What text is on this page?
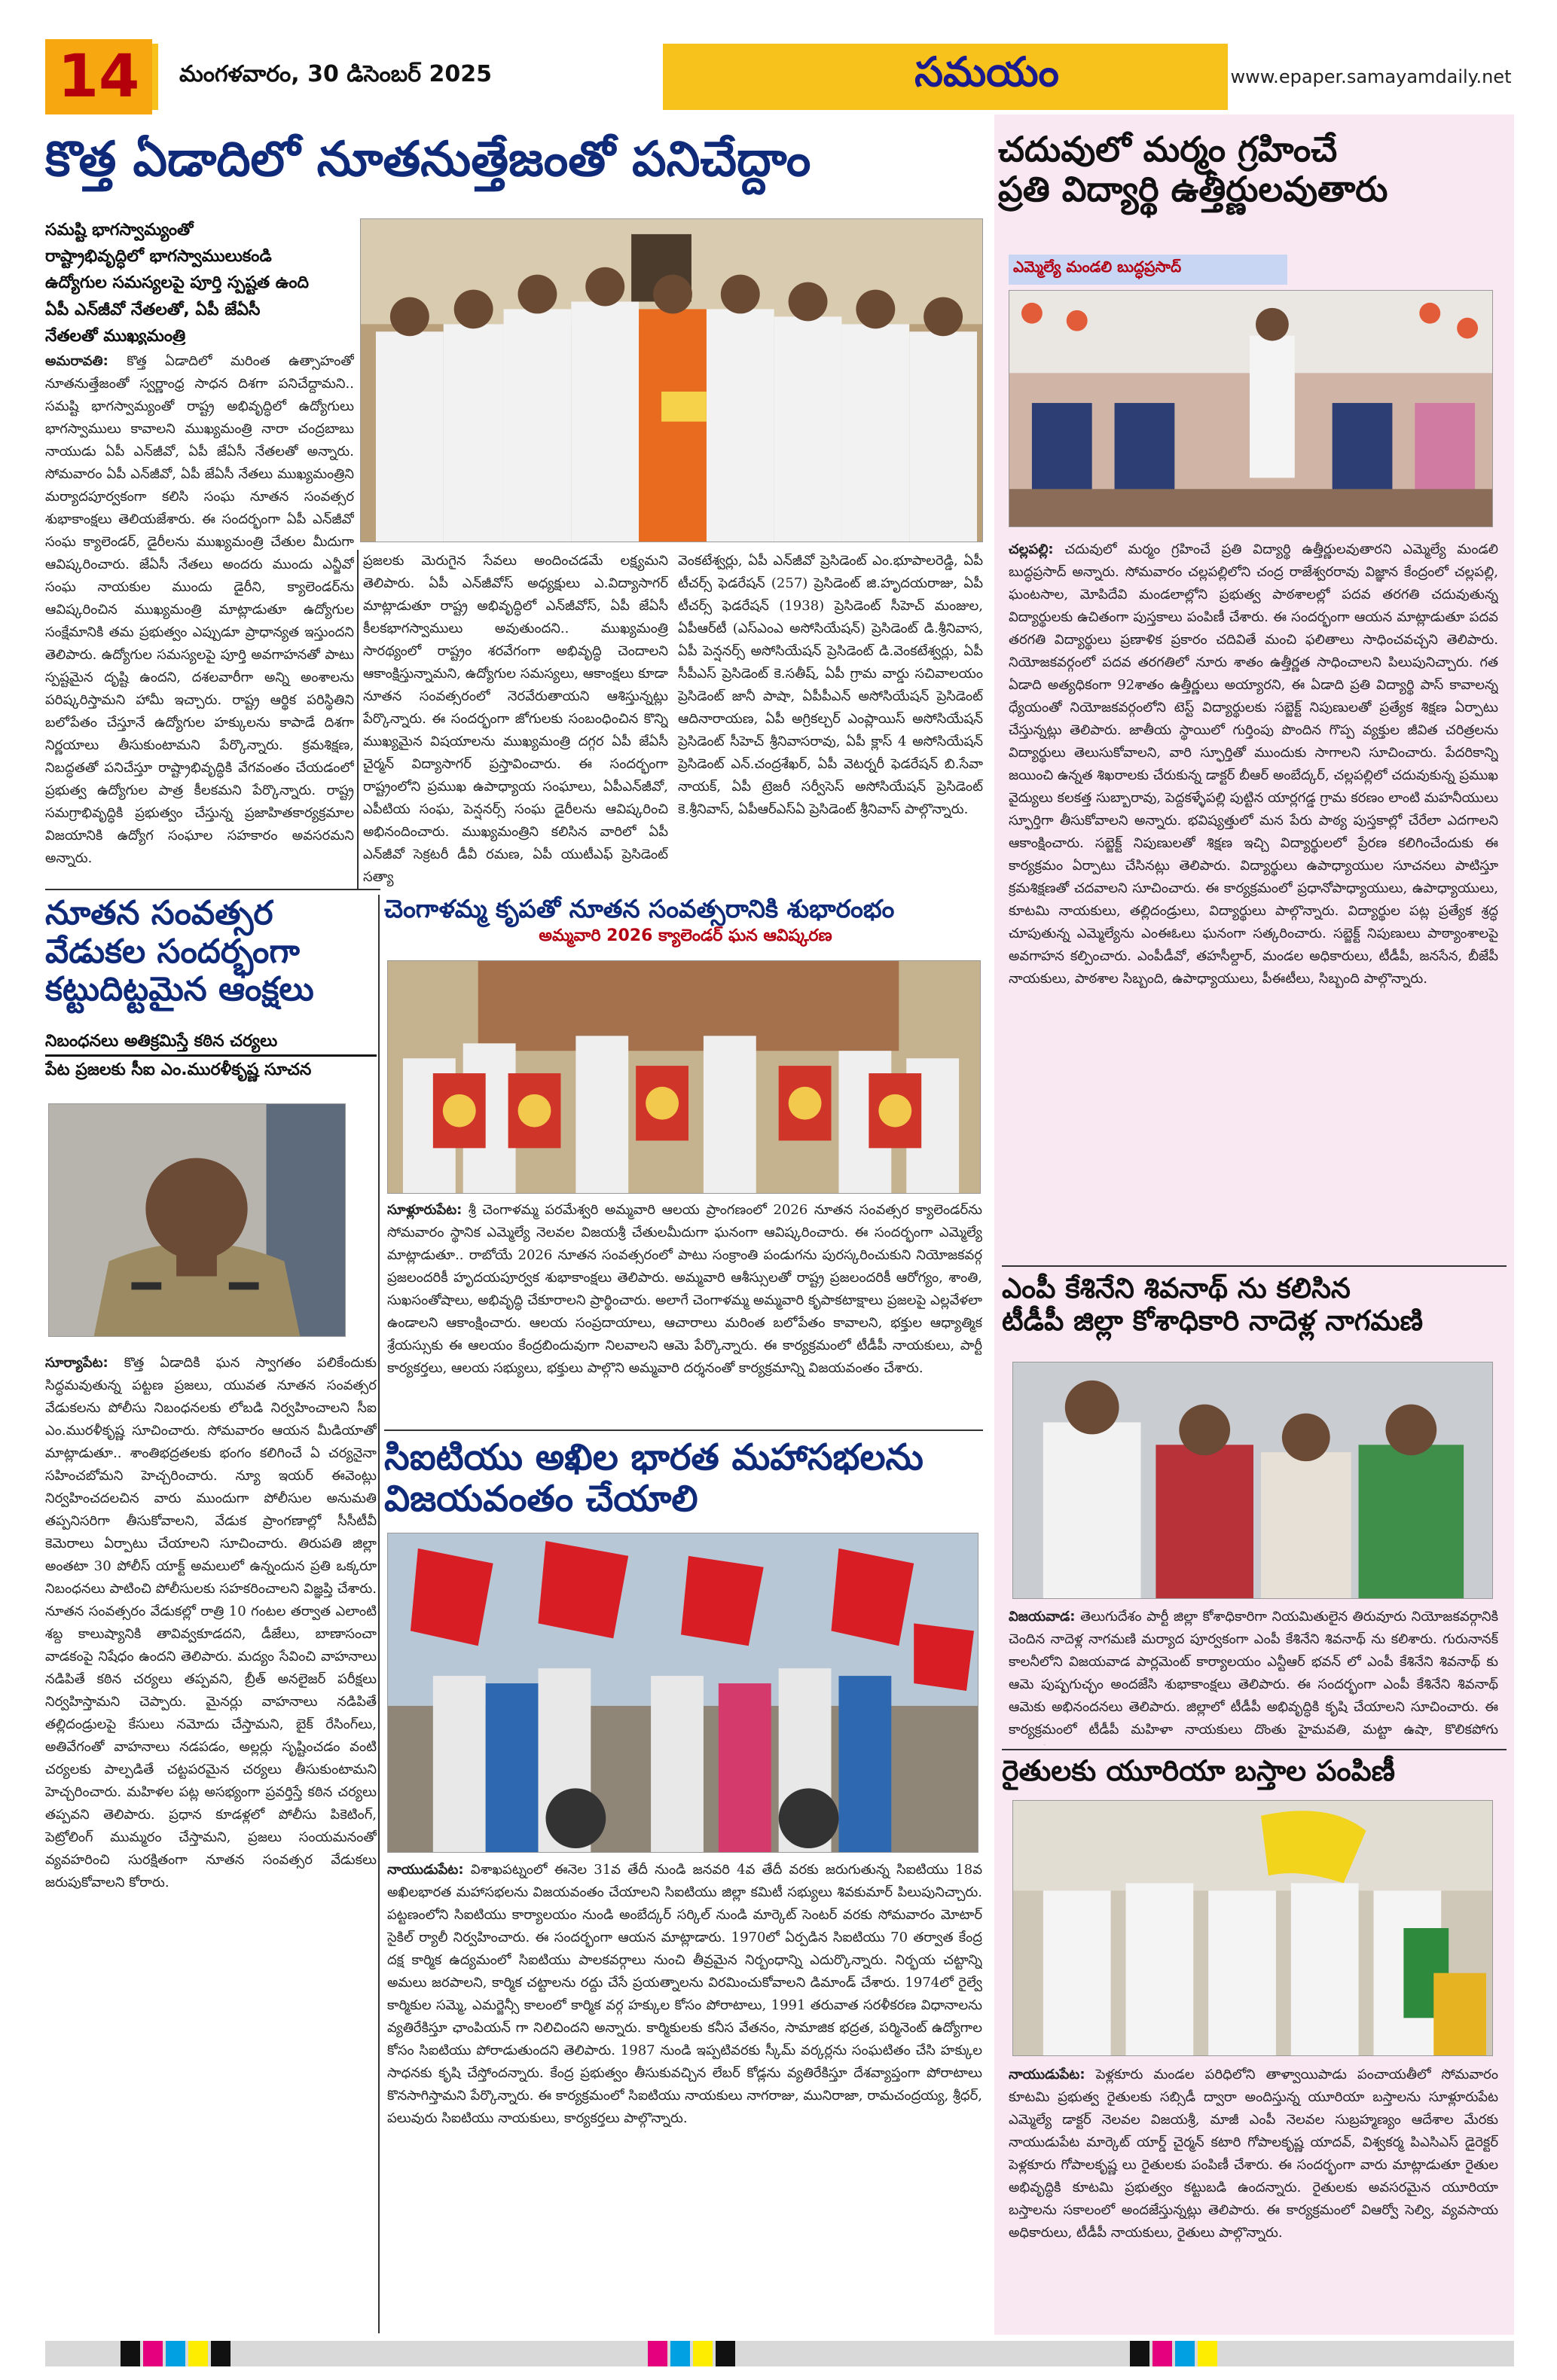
14	మంగళవారం, 30 డిసెంబర్ 2025	సమయం	www.epaper.samayamdaily.net
కొత్త ఏడాదిలో నూతనుత్తేజంతో పనిచేద్దాం
సమష్టి భాగస్వామ్యంతో
రాష్ట్రాభివృద్ధిలో భాగస్వాములుకండి
ఉద్యోగుల సమస్యలపై పూర్తి స్పష్టత ఉంది
ఏపీ ఎన్‌జీవో నేతలతో, ఏపీ జేఏసీ
నేతలతో ముఖ్యమంత్రి
అమరావతి: కొత్త ఏడాదిలో మరింత ఉత్సాహంతో నూతనుత్తేజంతో స్వర్ణాంధ్ర సాధన దిశగా పనిచేద్దామని.. సమష్టి భాగస్వామ్యంతో రాష్ట్ర అభివృద్ధిలో ఉద్యోగులు భాగస్వాములు కావాలని ముఖ్యమంత్రి నారా చంద్రబాబు నాయుడు ఏపీ ఎన్‌జీవో, ఏపీ జేఏసీ నేతలతో అన్నారు. సోమవారం ఏపీ ఎన్‌జీవో, ఏపీ జేఏసీ నేతలు ముఖ్యమంత్రిని మర్యాదపూర్వకంగా కలిసి సంఘ నూతన సంవత్సర శుభాకాంక్షలు తెలియజేశారు. ఈ సందర్భంగా ఏపీ ఎన్‌జీవో సంఘ క్యాలెండర్, డైరీలను ముఖ్యమంత్రి చేతుల మీదుగా ఆవిష్కరించారు. జేఏసీ నేతలు అందరు ముందు ఎన్జీవో సంఘ నాయకుల ముందు డైరీని, క్యాలెండర్‌ను ఆవిష్కరించిన ముఖ్యమంత్రి మాట్లాడుతూ ఉద్యోగుల సంక్షేమానికి తమ ప్రభుత్వం ఎప్పుడూ ప్రాధాన్యత ఇస్తుందని తెలిపారు. ఉద్యోగుల సమస్యలపై పూర్తి అవగాహనతో పాటు స్పష్టమైన దృష్టి ఉందని, దశలవారీగా అన్ని అంశాలను పరిష్కరిస్తామని హామీ ఇచ్చారు. రాష్ట్ర ఆర్థిక పరిస్థితిని బలోపేతం చేస్తూనే ఉద్యోగుల హక్కులను కాపాడే దిశగా నిర్ణయాలు తీసుకుంటామని పేర్కొన్నారు. క్రమశిక్షణ, నిబద్ధతతో పనిచేస్తూ రాష్ట్రాభివృద్ధికి వేగవంతం చేయడంలో ప్రభుత్వ ఉద్యోగుల పాత్ర కీలకమని పేర్కొన్నారు. రాష్ట్ర సమగ్రాభివృద్ధికి ప్రభుత్వం చేస్తున్న ప్రజాహితకార్యక్రమాల విజయానికి ఉద్యోగ సంఘాల సహకారం అవసరమని అన్నారు.
ప్రజలకు మెరుగైన సేవలు అందించడమే లక్ష్యమని తెలిపారు. ఏపీ ఎన్‌జీవోస్ అధ్యక్షులు ఎ.విద్యాసాగర్ మాట్లాడుతూ రాష్ట్ర అభివృద్ధిలో ఎన్‌జీవోస్, ఏపీ జేఏసీ కీలకభాగస్వాములు అవుతుందని.. ముఖ్యమంత్రి సారథ్యంలో రాష్ట్రం శరవేగంగా అభివృద్ధి చెందాలని ఆకాంక్షిస్తున్నామని, ఉద్యోగుల సమస్యలు, ఆకాంక్షలు కూడా నూతన సంవత్సరంలో నెరవేరుతాయని ఆశిస్తున్నట్లు పేర్కొన్నారు. ఈ సందర్భంగా జోగులకు సంబంధించిన కొన్ని ముఖ్యమైన విషయాలను ముఖ్యమంత్రి దగ్గర ఏపీ జేఏసీ చైర్మన్ విద్యాసాగర్ ప్రస్తావించారు. ఈ సందర్భంగా రాష్ట్రంలోని ప్రముఖ ఉపాధ్యాయ సంఘాలు, ఏపీఎన్‌జీవో, ఎపీటియ సంఘ, పెన్షనర్స్ సంఘ డైరీలను ఆవిష్కరించి అభినందించారు. ముఖ్యమంత్రిని కలిసిన వారిలో ఏపీ ఎన్‌జీవో సెక్రటరీ డీవీ రమణ, ఏపీ యుటీఎఫ్ ప్రెసిడెంట్ సత్యా
వెంకటేశ్వర్లు, ఏపీ ఎన్‌జీవో ప్రెసిడెంట్ ఎం.భూపాలరెడ్డి, ఏపీ టీచర్స్ ఫెడరేషన్ (257) ప్రెసిడెంట్ జి.హృదయరాజు, ఏపీ టీచర్స్ ఫెడరేషన్ (1938) ప్రెసిడెంట్ సీహెచ్ మంజుల, ఏపీఆర్‌టీ (ఎస్‌ఎంఎ అసోసియేషన్) ప్రెసిడెంట్ డి.శ్రీనివాస, ఏపీ పెన్షనర్స్ అసోసియేషన్ ప్రెసిడెంట్ డి.వెంకటేశ్వర్లు, ఏపీ సీపీఎస్ ప్రెసిడెంట్ కె.సతీష్, ఏపీ గ్రామ వార్డు సచివాలయం ప్రెసిడెంట్ జానీ పాషా, ఏపీపీఎన్ అసోసియేషన్ ప్రెసిడెంట్ ఆదినారాయణ, ఏపీ అగ్రికల్చర్ ఎంప్లాయిస్ అసోసియేషన్ ప్రెసిడెంట్ సీహెచ్ శ్రీనివాసరావు, ఏపీ క్లాస్ 4 అసోసియేషన్ ప్రెసిడెంట్ ఎన్.చంద్రశేఖర్, ఏపీ వెటర్నరీ ఫెడరేషన్ బి.సేవా నాయక్, ఏపీ ట్రెజరీ సర్వీసెస్ అసోసియేషన్ ప్రెసిడెంట్ కె.శ్రీనివాస్, ఏపీఆర్‌ఎస్‌ఏ ప్రెసిడెంట్ శ్రీనివాస్ పాల్గొన్నారు.
నూతన సంవత్సర
వేడుకల సందర్భంగా
కట్టుదిట్టమైన ఆంక్షలు
నిబంధనలు అతిక్రమిస్తే కఠిన చర్యలు
పేట ప్రజలకు సీఐ ఎం.మురళీకృష్ణ సూచన
సూర్యాపేట: కొత్త ఏడాదికి ఘన స్వాగతం పలికేందుకు సిద్ధమవుతున్న పట్టణ ప్రజలు, యువత నూతన సంవత్సర వేడుకలను పోలీసు నిబంధనలకు లోబడి నిర్వహించాలని సీఐ ఎం.మురళీకృష్ణ సూచించారు. సోమవారం ఆయన మీడియాతో మాట్లాడుతూ.. శాంతిభద్రతలకు భంగం కలిగించే ఏ చర్యనైనా సహించబోమని హెచ్చరించారు. న్యూ ఇయర్ ఈవెంట్లు నిర్వహించదలచిన వారు ముందుగా పోలీసుల అనుమతి తప్పనిసరిగా తీసుకోవాలని, వేడుక ప్రాంగణాల్లో సీసీటీవీ కెమెరాలు ఏర్పాటు చేయాలని సూచించారు. తిరుపతి జిల్లా అంతటా 30 పోలీస్ యాక్ట్ అమలులో ఉన్నందున ప్రతి ఒక్కరూ నిబంధనలు పాటించి పోలీసులకు సహకరించాలని విజ్ఞప్తి చేశారు. నూతన సంవత్సరం వేడుకల్లో రాత్రి 10 గంటల తర్వాత ఎలాంటి శబ్ద కాలుష్యానికి తావివ్వకూడదని, డీజేలు, బాణాసంచా వాడకంపై నిషేధం ఉందని తెలిపారు. మద్యం సేవించి వాహనాలు నడిపితే కఠిన చర్యలు తప్పవని, బ్రీత్ అనలైజర్ పరీక్షలు నిర్వహిస్తామని చెప్పారు. మైనర్లు వాహనాలు నడిపితే తల్లిదండ్రులపై కేసులు నమోదు చేస్తామని, బైక్ రేసింగ్‌లు, అతివేగంతో వాహనాలు నడపడం, అల్లర్లు సృష్టించడం వంటి చర్యలకు పాల్పడితే చట్టపరమైన చర్యలు తీసుకుంటామని హెచ్చరించారు. మహిళల పట్ల అసభ్యంగా ప్రవర్తిస్తే కఠిన చర్యలు తప్పవని తెలిపారు. ప్రధాన కూడళ్లలో పోలీసు పికెటింగ్, పెట్రోలింగ్ ముమ్మరం చేస్తామని, ప్రజలు సంయమనంతో వ్యవహరించి సురక్షితంగా నూతన సంవత్సర వేడుకలు జరుపుకోవాలని కోరారు.
చెంగాళమ్మ కృపతో నూతన సంవత్సరానికి శుభారంభం
అమ్మవారి 2026 క్యాలెండర్ ఘన ఆవిష్కరణ
సూళ్లూరుపేట: శ్రీ చెంగాళమ్మ పరమేశ్వరి అమ్మవారి ఆలయ ప్రాంగణంలో 2026 నూతన సంవత్సర క్యాలెండర్‌ను సోమవారం స్థానిక ఎమ్మెల్యే నెలవల విజయశ్రీ చేతులమీదుగా ఘనంగా ఆవిష్కరించారు. ఈ సందర్భంగా ఎమ్మెల్యే మాట్లాడుతూ.. రాబోయే 2026 నూతన సంవత్సరంలో పాటు సంక్రాంతి పండుగను పురస్కరించుకుని నియోజకవర్గ ప్రజలందరికీ హృదయపూర్వక శుభాకాంక్షలు తెలిపారు. అమ్మవారి ఆశీస్సులతో రాష్ట్ర ప్రజలందరికీ ఆరోగ్యం, శాంతి, సుఖసంతోషాలు, అభివృద్ధి చేకూరాలని ప్రార్థించారు. అలాగే చెంగాళమ్మ అమ్మవారి కృపాకటాక్షాలు ప్రజలపై ఎల్లవేళలా ఉండాలని ఆకాంక్షించారు. ఆలయ సంప్రదాయాలు, ఆచారాలు మరింత బలోపేతం కావాలని, భక్తుల ఆధ్యాత్మిక శ్రేయస్సుకు ఈ ఆలయం కేంద్రబిందువుగా నిలవాలని ఆమె పేర్కొన్నారు. ఈ కార్యక్రమంలో టీడీపీ నాయకులు, పార్టీ కార్యకర్తలు, ఆలయ సభ్యులు, భక్తులు పాల్గొని అమ్మవారి దర్శనంతో కార్యక్రమాన్ని విజయవంతం చేశారు.
సిఐటియు అఖిల భారత మహాసభలను
విజయవంతం చేయాలి
నాయుడుపేట: విశాఖపట్నంలో ఈనెల 31వ తేదీ నుండి జనవరి 4వ తేదీ వరకు జరుగుతున్న సిఐటియు 18వ అఖిలభారత మహాసభలను విజయవంతం చేయాలని సిఐటియు జిల్లా కమిటీ సభ్యులు శివకుమార్ పిలుపునిచ్చారు. పట్టణంలోని సిఐటియు కార్యాలయం నుండి అంబేద్కర్ సర్కిల్ నుండి మార్కెట్ సెంటర్ వరకు సోమవారం మోటార్ సైకిల్ ర్యాలీ నిర్వహించారు. ఈ సందర్భంగా ఆయన మాట్లాడారు. 1970లో ఏర్పడిన సిఐటియు 70 తర్వాత కేంద్ర దక్ష కార్మిక ఉద్యమంలో సిఐటియు పాలకవర్గాలు నుంచి తీవ్రమైన నిర్బంధాన్ని ఎదుర్కొన్నారు. నిర్భయ చట్టాన్ని అమలు జరపాలని, కార్మిక చట్టాలను రద్దు చేసే ప్రయత్నాలను విరమించుకోవాలని డిమాండ్ చేశారు. 1974లో రైల్వే కార్మికుల సమ్మె, ఎమర్జెన్సీ కాలంలో కార్మిక వర్గ హక్కుల కోసం పోరాటాలు, 1991 తరువాత సరళీకరణ విధానాలను వ్యతిరేకిస్తూ ఛాంపియన్ గా నిలిచిందని అన్నారు. కార్మికులకు కనీస వేతనం, సామాజిక భద్రత, పర్మినెంట్ ఉద్యోగాల కోసం సిఐటియు పోరాడుతుందని తెలిపారు. 1987 నుండి ఇప్పటివరకు స్కీమ్ వర్కర్లను సంఘటితం చేసి హక్కుల సాధనకు కృషి చేస్తోందన్నారు. కేంద్ర ప్రభుత్వం తీసుకువచ్చిన లేబర్ కోడ్లను వ్యతిరేకిస్తూ దేశవ్యాప్తంగా పోరాటాలు కొనసాగిస్తామని పేర్కొన్నారు. ఈ కార్యక్రమంలో సిఐటియు నాయకులు నాగరాజు, మునిరాజా, రామచంద్రయ్య, శ్రీధర్, పలువురు సిఐటియు నాయకులు, కార్యకర్తలు పాల్గొన్నారు.
చదువులో మర్మం గ్రహించే
ప్రతి విద్యార్థి ఉత్తీర్ణులవుతారు
ఎమ్మెల్యే మండలి బుద్ధప్రసాద్
చల్లపల్లి: చదువులో మర్మం గ్రహించే ప్రతి విద్యార్థి ఉత్తీర్ణులవుతారని ఎమ్మెల్యే మండలి బుద్ధప్రసాద్ అన్నారు. సోమవారం చల్లపల్లిలోని చంద్ర రాజేశ్వరరావు విజ్ఞాన కేంద్రంలో చల్లపల్లి, ఘంటసాల, మోపిదేవి మండలాల్లోని ప్రభుత్వ పాఠశాలల్లో పదవ తరగతి చదువుతున్న విద్యార్థులకు ఉచితంగా పుస్తకాలు పంపిణీ చేశారు. ఈ సందర్భంగా ఆయన మాట్లాడుతూ పదవ తరగతి విద్యార్థులు ప్రణాళిక ప్రకారం చదివితే మంచి ఫలితాలు సాధించవచ్చని తెలిపారు. నియోజకవర్గంలో పదవ తరగతిలో నూరు శాతం ఉత్తీర్ణత సాధించాలని పిలుపునిచ్చారు. గత ఏడాది అత్యధికంగా 92శాతం ఉత్తీర్ణులు అయ్యారని, ఈ ఏడాది ప్రతి విద్యార్థి పాస్ కావాలన్న ధ్యేయంతో నియోజకవర్గంలోని టెస్ట్ విద్యార్థులకు సబ్జెక్ట్ నిపుణులతో ప్రత్యేక శిక్షణ ఏర్పాటు చేస్తున్నట్లు తెలిపారు. జాతీయ స్థాయిలో గుర్తింపు పొందిన గొప్ప వ్యక్తుల జీవిత చరిత్రలను విద్యార్థులు తెలుసుకోవాలని, వారి స్ఫూర్తితో ముందుకు సాగాలని సూచించారు. పేదరికాన్ని జయించి ఉన్నత శిఖరాలకు చేరుకున్న డాక్టర్ బీఆర్ అంబేద్కర్, చల్లపల్లిలో చదువుకున్న ప్రముఖ వైద్యులు కలకత్త సుబ్బారావు, పెద్దకళ్ళేపల్లి పుట్టిన యార్లగడ్డ గ్రామ కరణం లాంటి మహనీయులు స్ఫూర్తిగా తీసుకోవాలని అన్నారు. భవిష్యత్తులో మన పేరు పాఠ్య పుస్తకాల్లో చేరేలా ఎదగాలని ఆకాంక్షించారు. సబ్జెక్ట్ నిపుణులతో శిక్షణ ఇచ్చి విద్యార్థులలో ప్రేరణ కలిగించేందుకు ఈ కార్యక్రమం ఏర్పాటు చేసినట్లు తెలిపారు. విద్యార్థులు ఉపాధ్యాయుల సూచనలు పాటిస్తూ క్రమశిక్షణతో చదవాలని సూచించారు. ఈ కార్యక్రమంలో ప్రధానోపాధ్యాయులు, ఉపాధ్యాయులు, కూటమి నాయకులు, తల్లిదండ్రులు, విద్యార్థులు పాల్గొన్నారు. విద్యార్థుల పట్ల ప్రత్యేక శ్రద్ధ చూపుతున్న ఎమ్మెల్యేను ఎంఈఓలు ఘనంగా సత్కరించారు. సబ్జెక్ట్ నిపుణులు పాఠ్యాంశాలపై అవగాహన కల్పించారు. ఎంపీడీవో, తహసీల్దార్, మండల అధికారులు, టీడీపీ, జనసేన, బీజేపీ నాయకులు, పాఠశాల సిబ్బంది, ఉపాధ్యాయులు, పీఈటీలు, సిబ్బంది పాల్గొన్నారు.
ఎంపీ కేశినేని శివనాథ్ ను కలిసిన
టీడీపీ జిల్లా కోశాధికారి నాదెళ్ల నాగమణి
విజయవాడ: తెలుగుదేశం పార్టీ జిల్లా కోశాధికారిగా నియమితులైన తిరువూరు నియోజకవర్గానికి చెందిన నాదెళ్ల నాగమణి మర్యాద పూర్వకంగా ఎంపీ కేశినేని శివనాథ్ ను కలిశారు. గురునానక్ కాలనీలోని విజయవాడ పార్లమెంట్ కార్యాలయం ఎన్టీఆర్ భవన్ లో ఎంపీ కేశినేని శివనాథ్ కు ఆమె పుష్పగుచ్ఛం అందజేసి శుభాకాంక్షలు తెలిపారు. ఈ సందర్భంగా ఎంపీ కేశినేని శివనాథ్ ఆమెకు అభినందనలు తెలిపారు. జిల్లాలో టీడీపీ అభివృద్ధికి కృషి చేయాలని సూచించారు. ఈ కార్యక్రమంలో టీడీపీ మహిళా నాయకులు దొంతు హైమవతి, మట్టా ఉషా, కొలికపోగు
రైతులకు యూరియా బస్తాల పంపిణీ
నాయుడుపేట: పెళ్లకూరు మండల పరిధిలోని తాళ్వాయిపాడు పంచాయతీలో సోమవారం కూటమి ప్రభుత్వ రైతులకు సబ్సిడీ ద్వారా అందిస్తున్న యూరియా బస్తాలను సూళ్లూరుపేట ఎమ్మెల్యే డాక్టర్ నెలవల విజయశ్రీ, మాజీ ఎంపీ నెలవల సుబ్రహ్మణ్యం ఆదేశాల మేరకు నాయుడుపేట మార్కెట్ యార్డ్ చైర్మన్ కటారి గోపాలకృష్ణ యాదవ్, విశ్వకర్మ పిఎసిఎస్ డైరెక్టర్ పెళ్లకూరు గోపాలకృష్ణ లు రైతులకు పంపిణీ చేశారు. ఈ సందర్భంగా వారు మాట్లాడుతూ రైతుల అభివృద్ధికి కూటమి ప్రభుత్వం కట్టుబడి ఉందన్నారు. రైతులకు అవసరమైన యూరియా బస్తాలను సకాలంలో అందజేస్తున్నట్లు తెలిపారు. ఈ కార్యక్రమంలో విఆర్వో సెల్వి, వ్యవసాయ అధికారులు, టీడీపీ నాయకులు, రైతులు పాల్గొన్నారు.
